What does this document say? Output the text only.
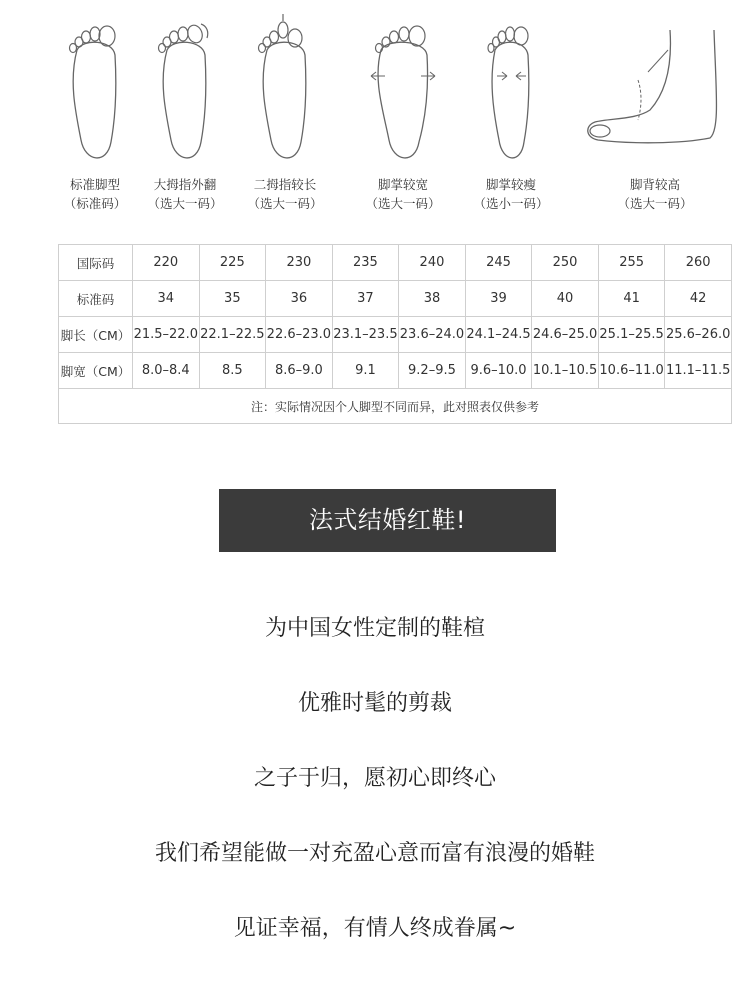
标准脚型
（标准码）
大拇指外翻
（选大一码）
二拇指较长
（选大一码）
脚掌较宽
（选大一码）
脚掌较瘦
（选小一码）
脚背较高
（选大一码）
国际码	220	225	230	235	240	245	250	255	260
标准码	34	35	36	37	38	39	40	41	42
脚长（CM）	21.5–22.0	22.1–22.5	22.6–23.0	23.1–23.5	23.6–24.0	24.1–24.5	24.6–25.0	25.1–25.5	25.6–26.0
脚宽（CM）	8.0–8.4	8.5	8.6–9.0	9.1	9.2–9.5	9.6–10.0	10.1–10.5	10.6–11.0	11.1–11.5
注：实际情况因个人脚型不同而异，此对照表仅供参考									
法式结婚红鞋!
为中国女性定制的鞋楦
优雅时髦的剪裁
之子于归，愿初心即终心
我们希望能做一对充盈心意而富有浪漫的婚鞋
见证幸福，有情人终成眷属~
